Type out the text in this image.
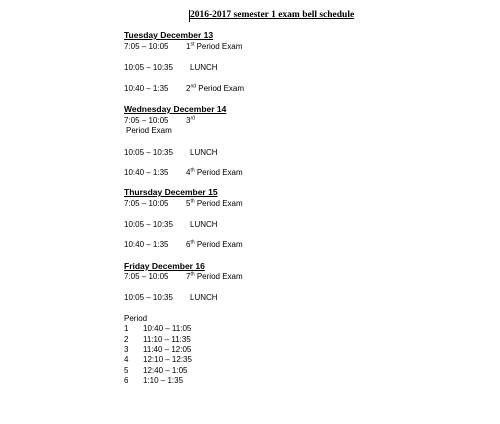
2016-2017 semester 1 exam bell schedule
Tuesday December 13
7:05 – 10:05 1st Period Exam
10:05 – 10:35 LUNCH
10:40 – 1:35 2nd Period Exam
Wednesday December 14
7:05 – 10:05 3rd
Period Exam
10:05 – 10:35 LUNCH
10:40 – 1:35 4th Period Exam
Thursday December 15
7:05 – 10:05 5th Period Exam
10:05 – 10:35 LUNCH
10:40 – 1:35 6th Period Exam
Friday December 16
7:05 – 10:05 7th Period Exam
10:05 – 10:35 LUNCH
Period
1 10:40 – 11:05
2 11:10 – 11:35
3 11:40 – 12:05
4 12:10 – 12:35
5 12:40 – 1:05
6 1:10 – 1:35
